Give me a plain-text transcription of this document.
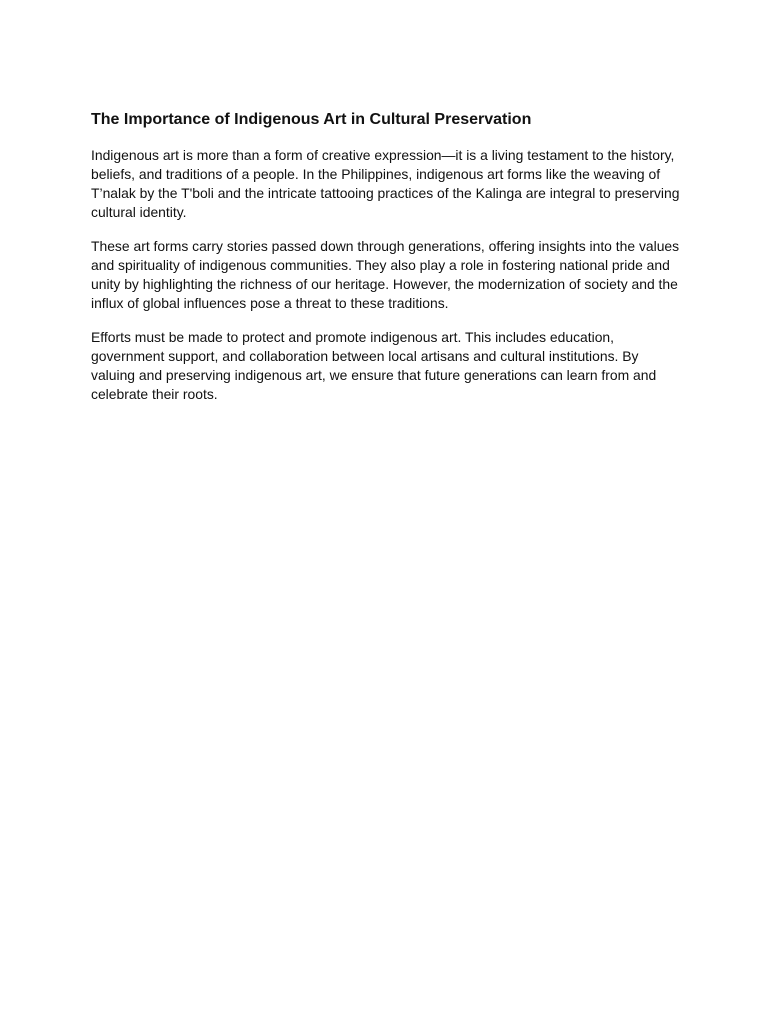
The Importance of Indigenous Art in Cultural Preservation

Indigenous art is more than a form of creative expression—it is a living testament to the history, beliefs, and traditions of a people. In the Philippines, indigenous art forms like the weaving of T’nalak by the T'boli and the intricate tattooing practices of the Kalinga are integral to preserving cultural identity.

These art forms carry stories passed down through generations, offering insights into the values and spirituality of indigenous communities. They also play a role in fostering national pride and unity by highlighting the richness of our heritage. However, the modernization of society and the influx of global influences pose a threat to these traditions.

Efforts must be made to protect and promote indigenous art. This includes education, government support, and collaboration between local artisans and cultural institutions. By valuing and preserving indigenous art, we ensure that future generations can learn from and celebrate their roots.
